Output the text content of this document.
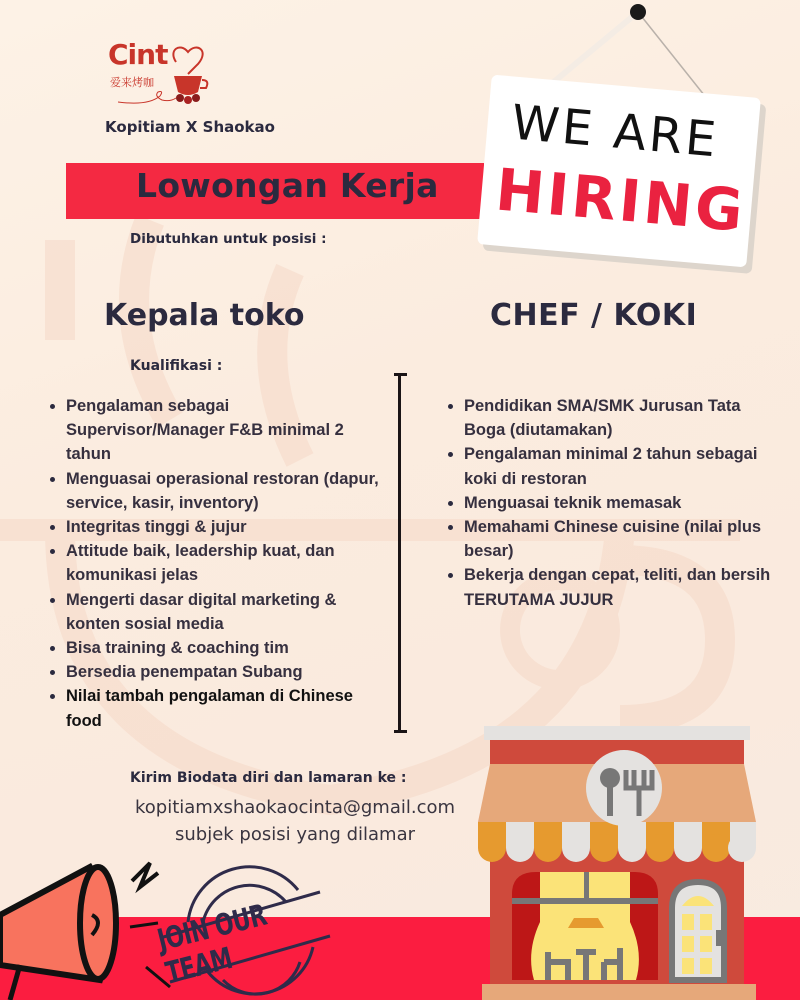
Cint
爱来烤咖
Kopitiam X Shaokao
Lowongan Kerja
Dibutuhkan untuk posisi :
WE ARE
HIRING
Kepala toko
Kualifikasi :
Pengalaman sebagai Supervisor/Manager F&B minimal 2 tahun
Menguasai operasional restoran (dapur, service, kasir, inventory)
Integritas tinggi & jujur
Attitude baik, leadership kuat, dan komunikasi jelas
Mengerti dasar digital marketing & konten sosial media
Bisa training & coaching tim
Bersedia penempatan Subang
Nilai tambah pengalaman di Chinese food
CHEF / KOKI
Pendidikan SMA/SMK Jurusan Tata Boga (diutamakan)
Pengalaman minimal 2 tahun sebagai koki di restoran
Menguasai teknik memasak
Memahami Chinese cuisine (nilai plus besar)
Bekerja dengan cepat, teliti, dan bersih TERUTAMA JUJUR
Kirim Biodata diri dan lamaran ke :
kopitiamxshaokaocinta@gmail.com
subjek posisi yang dilamar
JOIN OUR TEAM
